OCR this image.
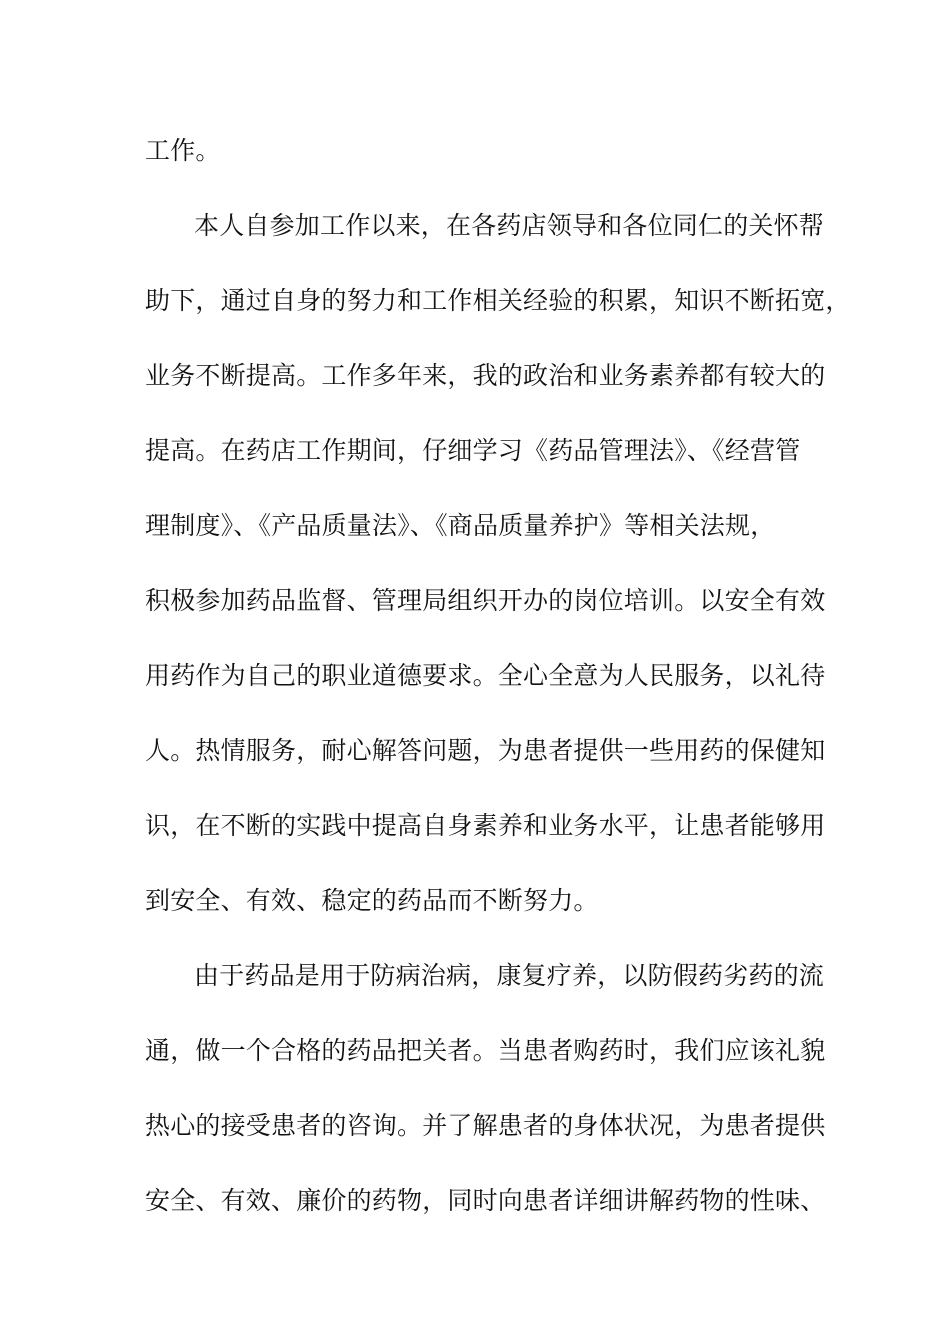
工作。
本人自参加工作以来，在各药店领导和各位同仁的关怀帮
助下，通过自身的努力和工作相关经验的积累，知识不断拓宽，
业务不断提高。工作多年来，我的政治和业务素养都有较大的
提高。在药店工作期间，仔细学习《药品管理法》、《经营管
理制度》、《产品质量法》、《商品质量养护》等相关法规，
积极参加药品监督、管理局组织开办的岗位培训。以安全有效
用药作为自己的职业道德要求。全心全意为人民服务，以礼待
人。热情服务，耐心解答问题，为患者提供一些用药的保健知
识，在不断的实践中提高自身素养和业务水平，让患者能够用
到安全、有效、稳定的药品而不断努力。
由于药品是用于防病治病，康复疗养，以防假药劣药的流
通，做一个合格的药品把关者。当患者购药时，我们应该礼貌
热心的接受患者的咨询。并了解患者的身体状况，为患者提供
安全、有效、廉价的药物，同时向患者详细讲解药物的性味、
